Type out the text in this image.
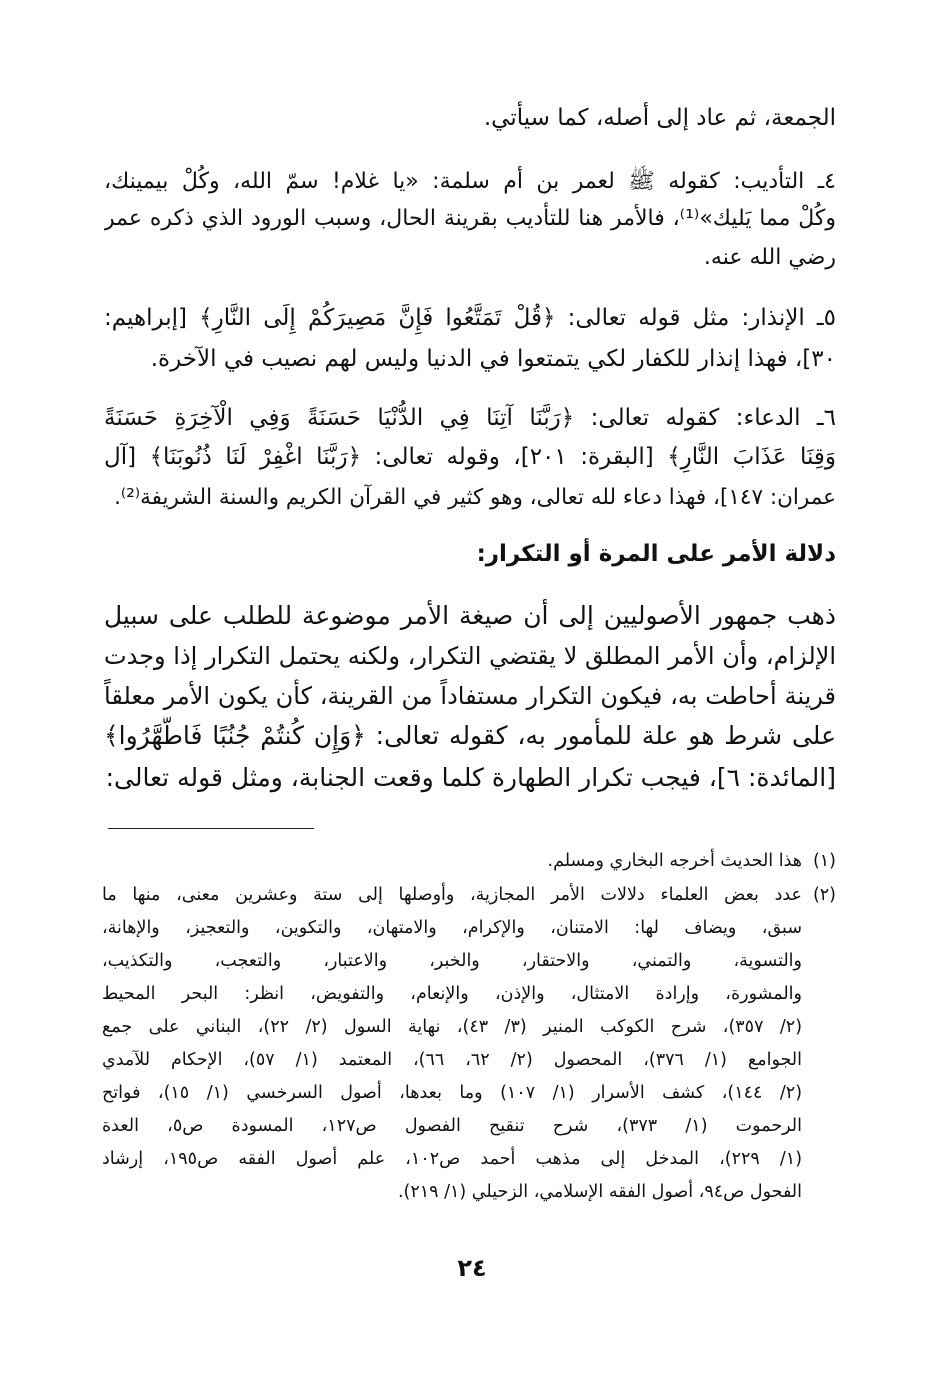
الجمعة، ثم عاد إلى أصله، كما سيأتي.
٤ـ التأديب: كقوله ﷺ لعمر بن أم سلمة: «يا غلام! سمّ الله، وكُلْ بيمينك،
وكُلْ مما يَليك»⁽¹⁾، فالأمر هنا للتأديب بقرينة الحال، وسبب الورود الذي ذكره عمر
رضي الله عنه.
٥ـ الإنذار: مثل قوله تعالى: ﴿قُلْ تَمَتَّعُوا فَإِنَّ مَصِيرَكُمْ إِلَى النَّارِ﴾ [إبراهيم:
٣٠]، فهذا إنذار للكفار لكي يتمتعوا في الدنيا وليس لهم نصيب في الآخرة.
٦ـ الدعاء: كقوله تعالى: ﴿رَبَّنَا آتِنَا فِي الدُّنْيَا حَسَنَةً وَفِي الْآخِرَةِ حَسَنَةً
وَقِنَا عَذَابَ النَّارِ﴾ [البقرة: ٢٠١]، وقوله تعالى: ﴿رَبَّنَا اغْفِرْ لَنَا ذُنُوبَنَا﴾ [آل
عمران: ١٤٧]، فهذا دعاء لله تعالى، وهو كثير في القرآن الكريم والسنة الشريفة⁽²⁾.
دلالة الأمر على المرة أو التكرار:
ذهب جمهور الأصوليين إلى أن صيغة الأمر موضوعة للطلب على سبيل
الإلزام، وأن الأمر المطلق لا يقتضي التكرار، ولكنه يحتمل التكرار إذا وجدت
قرينة أحاطت به، فيكون التكرار مستفاداً من القرينة، كأن يكون الأمر معلقاً
على شرط هو علة للمأمور به، كقوله تعالى: ﴿وَإِن كُنتُمْ جُنُبًا فَاطَّهَّرُوا﴾
[المائدة: ٦]، فيجب تكرار الطهارة كلما وقعت الجنابة، ومثل قوله تعالى:
(١)
هذا الحديث أخرجه البخاري ومسلم.
(٢)
عدد بعض العلماء دلالات الأمر المجازية، وأوصلها إلى ستة وعشرين معنى، منها ما
سبق، ويضاف لها: الامتنان، والإكرام، والامتهان، والتكوين، والتعجيز، والإهانة،
والتسوية، والتمني، والاحتقار، والخبر، والاعتبار، والتعجب، والتكذيب،
والمشورة، وإرادة الامتثال، والإذن، والإنعام، والتفويض، انظر: البحر المحيط
(٢/ ٣٥٧)، شرح الكوكب المنير (٣/ ٤٣)، نهاية السول (٢/ ٢٢)، البناني على جمع
الجوامع (١/ ٣٧٦)، المحصول (٢/ ٦٢، ٦٦)، المعتمد (١/ ٥٧)، الإحكام للآمدي
(٢/ ١٤٤)، كشف الأسرار (١/ ١٠٧) وما بعدها، أصول السرخسي (١/ ١٥)، فواتح
الرحموت (١/ ٣٧٣)، شرح تنقيح الفصول ص١٢٧، المسودة ص٥، العدة
(١/ ٢٢٩)، المدخل إلى مذهب أحمد ص١٠٢، علم أصول الفقه ص١٩٥، إرشاد
الفحول ص٩٤، أصول الفقه الإسلامي، الزحيلي (١/ ٢١٩).
٢٤
